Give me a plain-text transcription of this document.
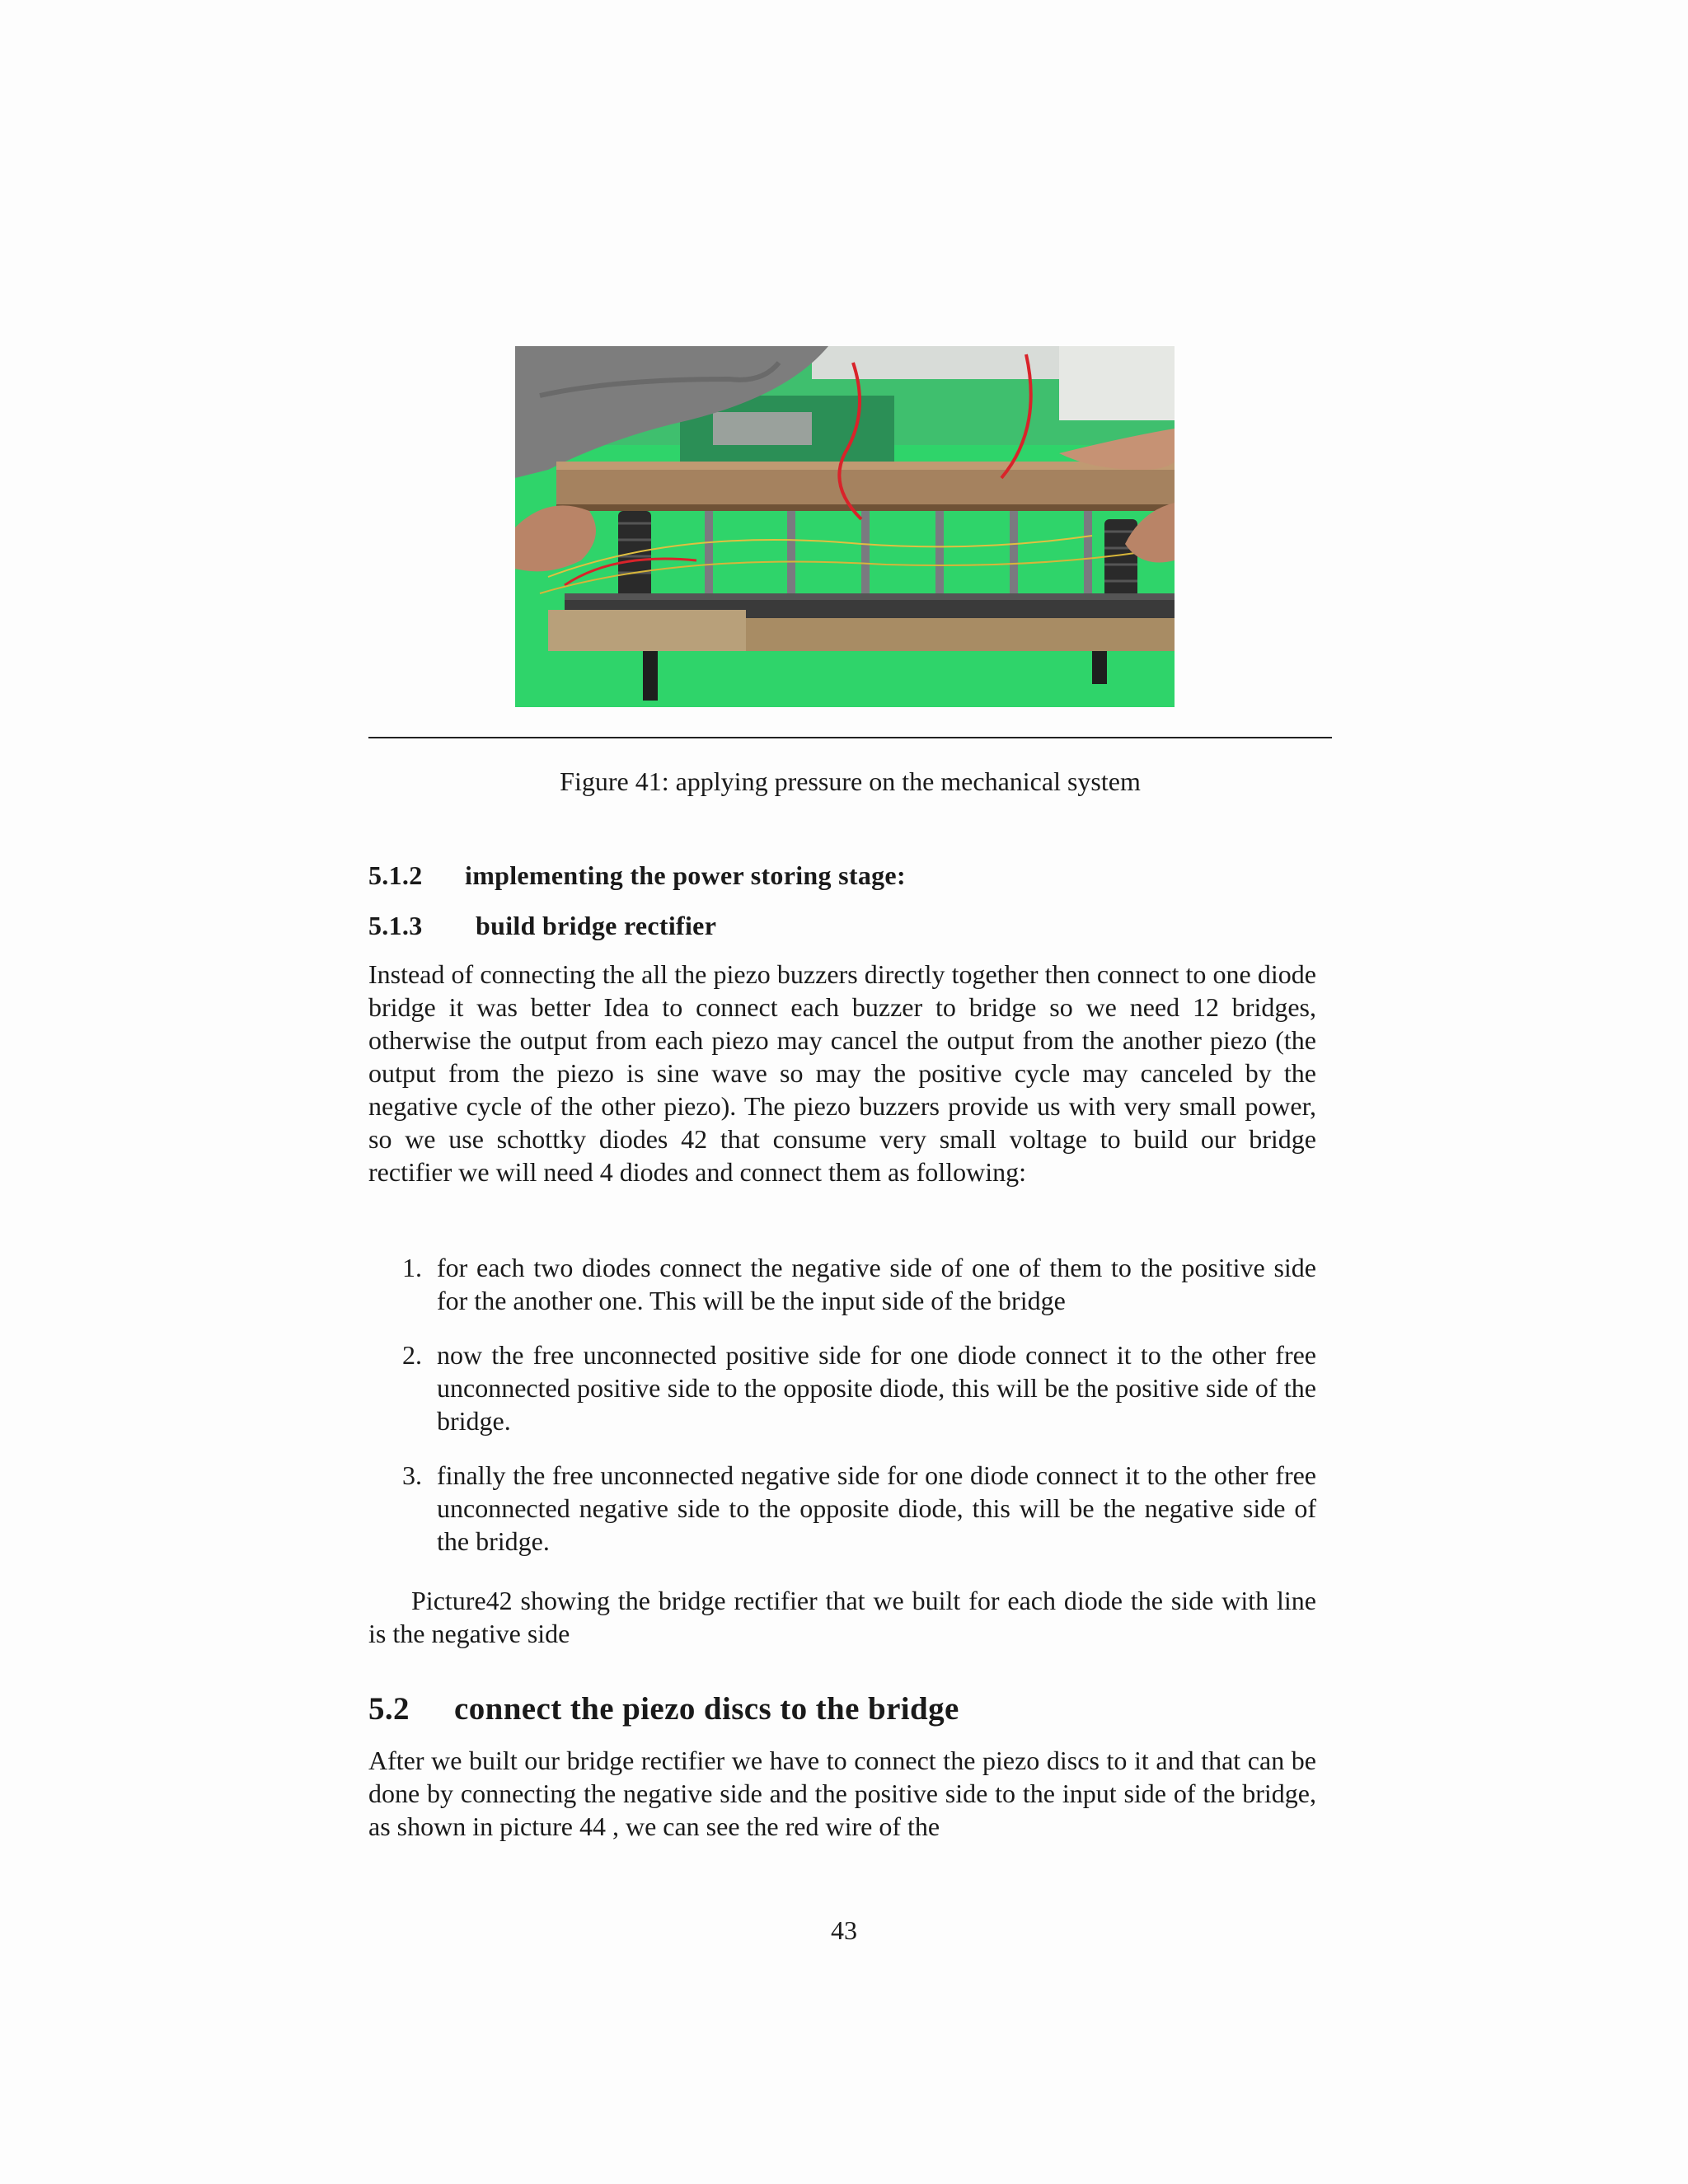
Figure 41: applying pressure on the mechanical system
5.1.2 implementing the power storing stage:
5.1.3 build bridge rectifier

Instead of connecting the all the piezo buzzers directly together then connect to one diode bridge it was better Idea to connect each buzzer to bridge so we need 12 bridges, otherwise the output from each piezo may cancel the output from the another piezo (the output from the piezo is sine wave so may the positive cycle may canceled by the negative cycle of the other piezo). The piezo buzzers provide us with very small power, so we use schottky diodes 42 that consume very small voltage to build our bridge rectifier we will need 4 diodes and connect them as following:

1. for each two diodes connect the negative side of one of them to the positive side for the another one. This will be the input side of the bridge
2. now the free unconnected positive side for one diode connect it to the other free unconnected positive side to the opposite diode, this will be the positive side of the bridge.
3. finally the free unconnected negative side for one diode connect it to the other free unconnected negative side to the opposite diode, this will be the negative side of the bridge.

Picture42 showing the bridge rectifier that we built for each diode the side with line is the negative side

5.2 connect the piezo discs to the bridge

After we built our bridge rectifier we have to connect the piezo discs to it and that can be done by connecting the negative side and the positive side to the input side of the bridge, as shown in picture 44 , we can see the red wire of the

43
